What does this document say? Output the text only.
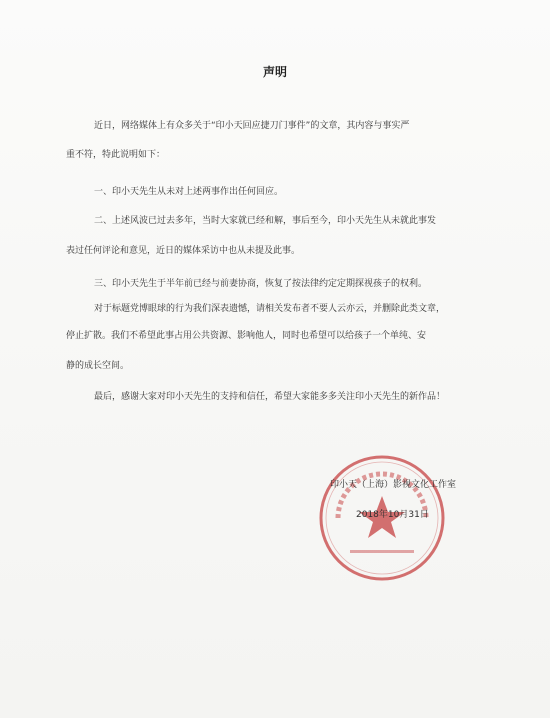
声明
近日，网络媒体上有众多关于“印小天回应捷刀门事件”的文章，其内容与事实严
重不符，特此说明如下：
一、印小天先生从未对上述两事作出任何回应。
二、上述风波已过去多年，当时大家就已经和解，事后至今，印小天先生从未就此事发
表过任何评论和意见，近日的媒体采访中也从未提及此事。
三、印小天先生于半年前已经与前妻协商，恢复了按法律约定定期探视孩子的权利。
对于标题党博眼球的行为我们深表遗憾，请相关发布者不要人云亦云，并删除此类文章，
停止扩散。我们不希望此事占用公共资源、影响他人，同时也希望可以给孩子一个单纯、安
静的成长空间。
最后，感谢大家对印小天先生的支持和信任，希望大家能多多关注印小天先生的新作品！
印小天（上海）影视文化工作室
2018年10月31日
